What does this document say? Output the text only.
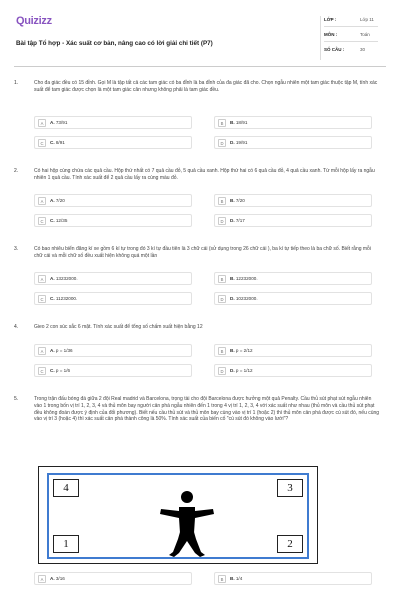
Quizizz
Bài tập Tổ hợp - Xác suất cơ bản, nâng cao có lời giải chi tiết (P7)
LỚP :	Lớp 11
MÔN :	Toán
SỐ CÂU :	30
1.	Cho đa giác đều có 15 đỉnh. Gọi M là tập tất cả các tam giác có ba đỉnh là ba đỉnh của đa giác đã cho. Chọn ngẫu nhiên một tam giác thuộc tập M, tính xác suất để tam giác được chọn là một tam giác cân nhưng không phải là tam giác đều.
A	A. 73/91	B	B. 18/91
C	C. 8/91	D	D. 19/91
2.	Có hai hộp cùng chứa các quả cầu. Hộp thứ nhất có 7 quả cầu đỏ, 5 quả cầu xanh. Hộp thứ hai có 6 quả cầu đỏ, 4 quả cầu xanh. Từ mỗi hộp lấy ra ngẫu nhiên 1 quả cầu. Tính xác suất để 2 quả cầu lấy ra cùng màu đỏ.
A	A. 7/20	B	B. 7/20
C	C. 12/35	D	D. 7/17
3.	Có bao nhiêu biển đăng kí xe gồm 6 kí tự trong đó 3 kí tự đầu tiên là 3 chữ cái (sử dụng trong 26 chữ cái ), ba kí tự tiếp theo là ba chữ số. Biết rằng mỗi chữ cái và mỗi chữ số đều xuất hiện không quá một lần
A	A. 13232000.	B	B. 12232000.
C	C. 11232000.	D	D. 10232000.
4.	Gieo 2 con súc sắc 6 mặt. Tính xác suất để tổng số chấm xuất hiện bằng 12
A	A. p = 1/36	B	B. p = 2/12
C	C. p = 1/6	D	D. p = 1/12
5.	Trong trận đấu bóng đá giữa 2 đội Real madrid và Barcelona, trọng tài cho đội Barcelona được hưởng một quả Penalty. Cầu thủ sút phạt sút ngẫu nhiên vào 1 trong bốn vị trí 1, 2, 3, 4 và thủ môn bay người cản phá ngẫu nhiên đến 1 trong 4 vị trí 1, 2, 3, 4 với xác suất như nhau (thủ môn và cầu thủ sút phạt đều không đoán được ý định của đối phương). Biết nếu cầu thủ sút và thủ môn bay cùng vào vị trí 1 (hoặc 2) thì thủ môn cản phá được cú sút đó, nếu cùng vào vị trí 3 (hoặc 4) thì xác suất cản phá thành công là 50%. Tính xác suất của biến cố "cú sút đó không vào lưới"?
4	3
1	2
A	A. 3/16	B	B. 1/4
